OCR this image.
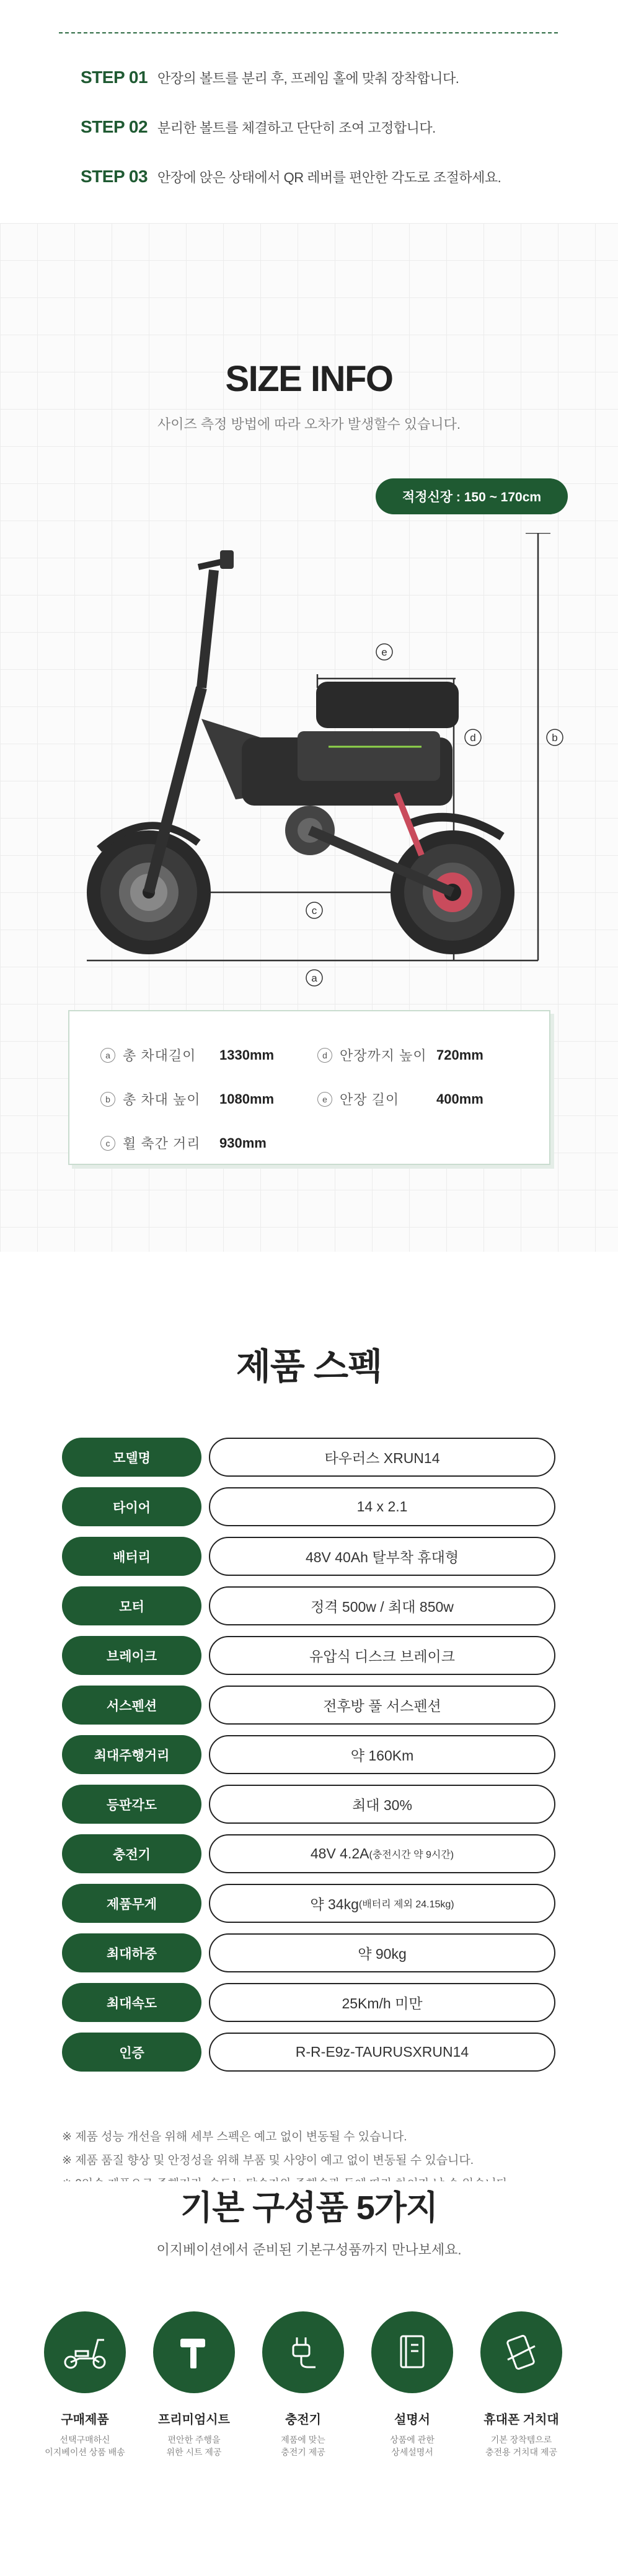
STEP 01 안장의 볼트를 분리 후, 프레임 홀에 맞춰 장착합니다.
STEP 02 분리한 볼트를 체결하고 단단히 조여 고정합니다.
STEP 03 안장에 앉은 상태에서 QR 레버를 편안한 각도로 조절하세요.
SIZE INFO

사이즈 측정 방법에 따라 오차가 발생할수 있습니다.

적정신장 : 150 ~ 170cm
e
d	b
c
a
a 총 차대길이 1330mm
b 총 차대 높이 1080mm
c 휠 축간 거리 930mm
d 안장까지 높이 720mm
e 안장 길이	400mm
제품 스펙
모델명	타우러스 XRUN14
타이어	14 x 2.1
배터리	48V 40Ah 탈부착 휴대형
모터	정격 500w / 최대 850w
브레이크	유압식 디스크 브레이크
서스펜션	전후방 풀 서스펜션
최대주행거리	약 160Km
등판각도	최대 30%
충전기	48V 4.2A (충전시간 약 9시간)
제품무게	약 34kg (배터리 제외 24.15kg)
최대하중	약 90kg
최대속도	25Km/h 미만
인증	R-R-E9z-TAURUSXRUN14

※ 제품 성능 개선을 위해 세부 스펙은 예고 없이 변동될 수 있습니다.

※ 제품 품질 향상 및 안정성을 위해 부품 및 사양이 예고 없이 변동될 수 있습니다.

기본 구성품 5가지

이지베이션에서 준비된 기본구성품까지 만나보세요.

구매제품
선택구매하신
이지베이션 상품 배송
프리미엄시트
편안한 주행을
위한 시트 제공
충전기
제품에 맞는
충전기 제공
설명서
상품에 관한
상세설명서
휴대폰 거치대
기본 장착템으로
충전용 거치대 제공
